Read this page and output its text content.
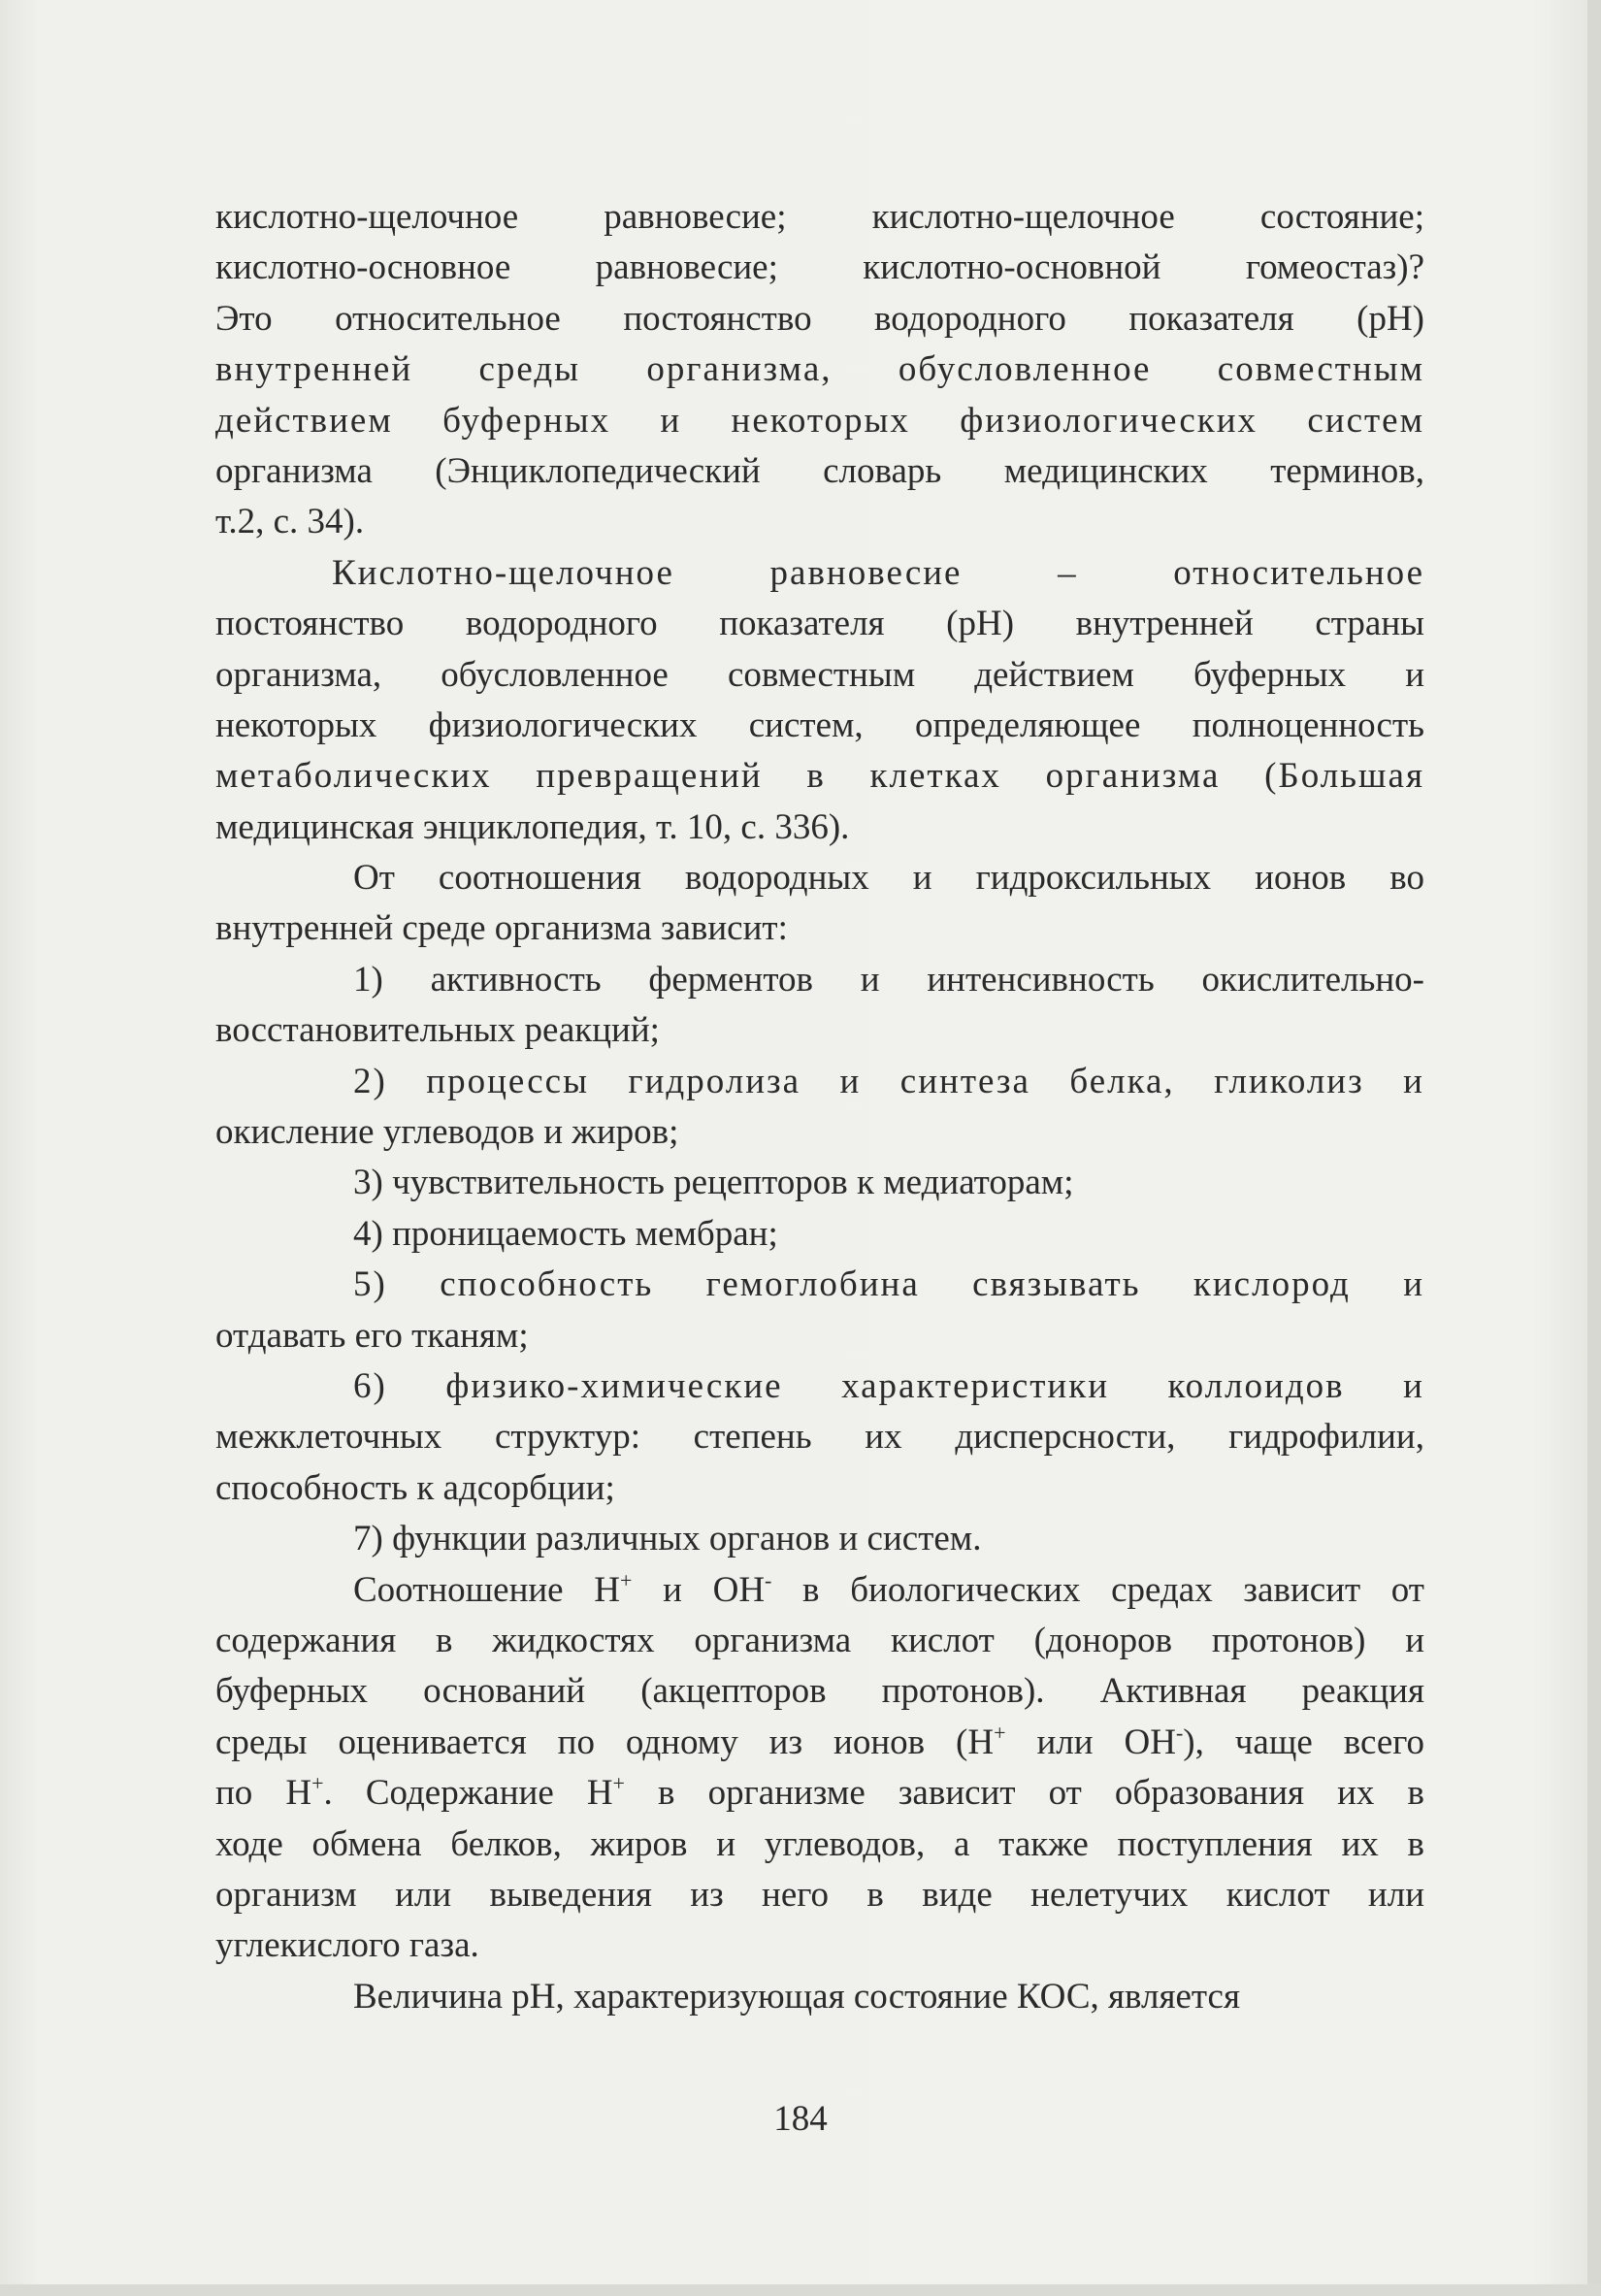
кислотно-щелочное равновесие; кислотно-щелочное состояние;
кислотно-основное равновесие; кислотно-основной гомеостаз)?
Это относительное постоянство водородного показателя (рН)
внутренней среды организма, обусловленное совместным
действием буферных и некоторых физиологических систем
организма (Энциклопедический словарь медицинских терминов,
т.2, с. 34).
Кислотно-щелочное равновесие – относительное
постоянство водородного показателя (рН) внутренней страны
организма, обусловленное совместным действием буферных и
некоторых физиологических систем, определяющее полноценность
метаболических превращений в клетках организма (Большая
медицинская энциклопедия, т. 10, с. 336).
От соотношения водородных и гидроксильных ионов во
внутренней среде организма зависит:
1) активность ферментов и интенсивность окислительно-
восстановительных реакций;
2) процессы гидролиза и синтеза белка, гликолиз и
окисление углеводов и жиров;
3) чувствительность рецепторов к медиаторам;
4) проницаемость мембран;
5) способность гемоглобина связывать кислород и
отдавать его тканям;
6) физико-химические характеристики коллоидов и
межклеточных структур: степень их дисперсности, гидрофилии,
способность к адсорбции;
7) функции различных органов и систем.
Соотношение Н+ и ОН- в биологических средах зависит от
содержания в жидкостях организма кислот (доноров протонов) и
буферных оснований (акцепторов протонов). Активная реакция
среды оценивается по одному из ионов (Н+ или ОН-), чаще всего
по Н+. Содержание Н+ в организме зависит от образования их в
ходе обмена белков, жиров и углеводов, а также поступления их в
организм или выведения из него в виде нелетучих кислот или
углекислого газа.
Величина рН, характеризующая состояние КОС, является
184
